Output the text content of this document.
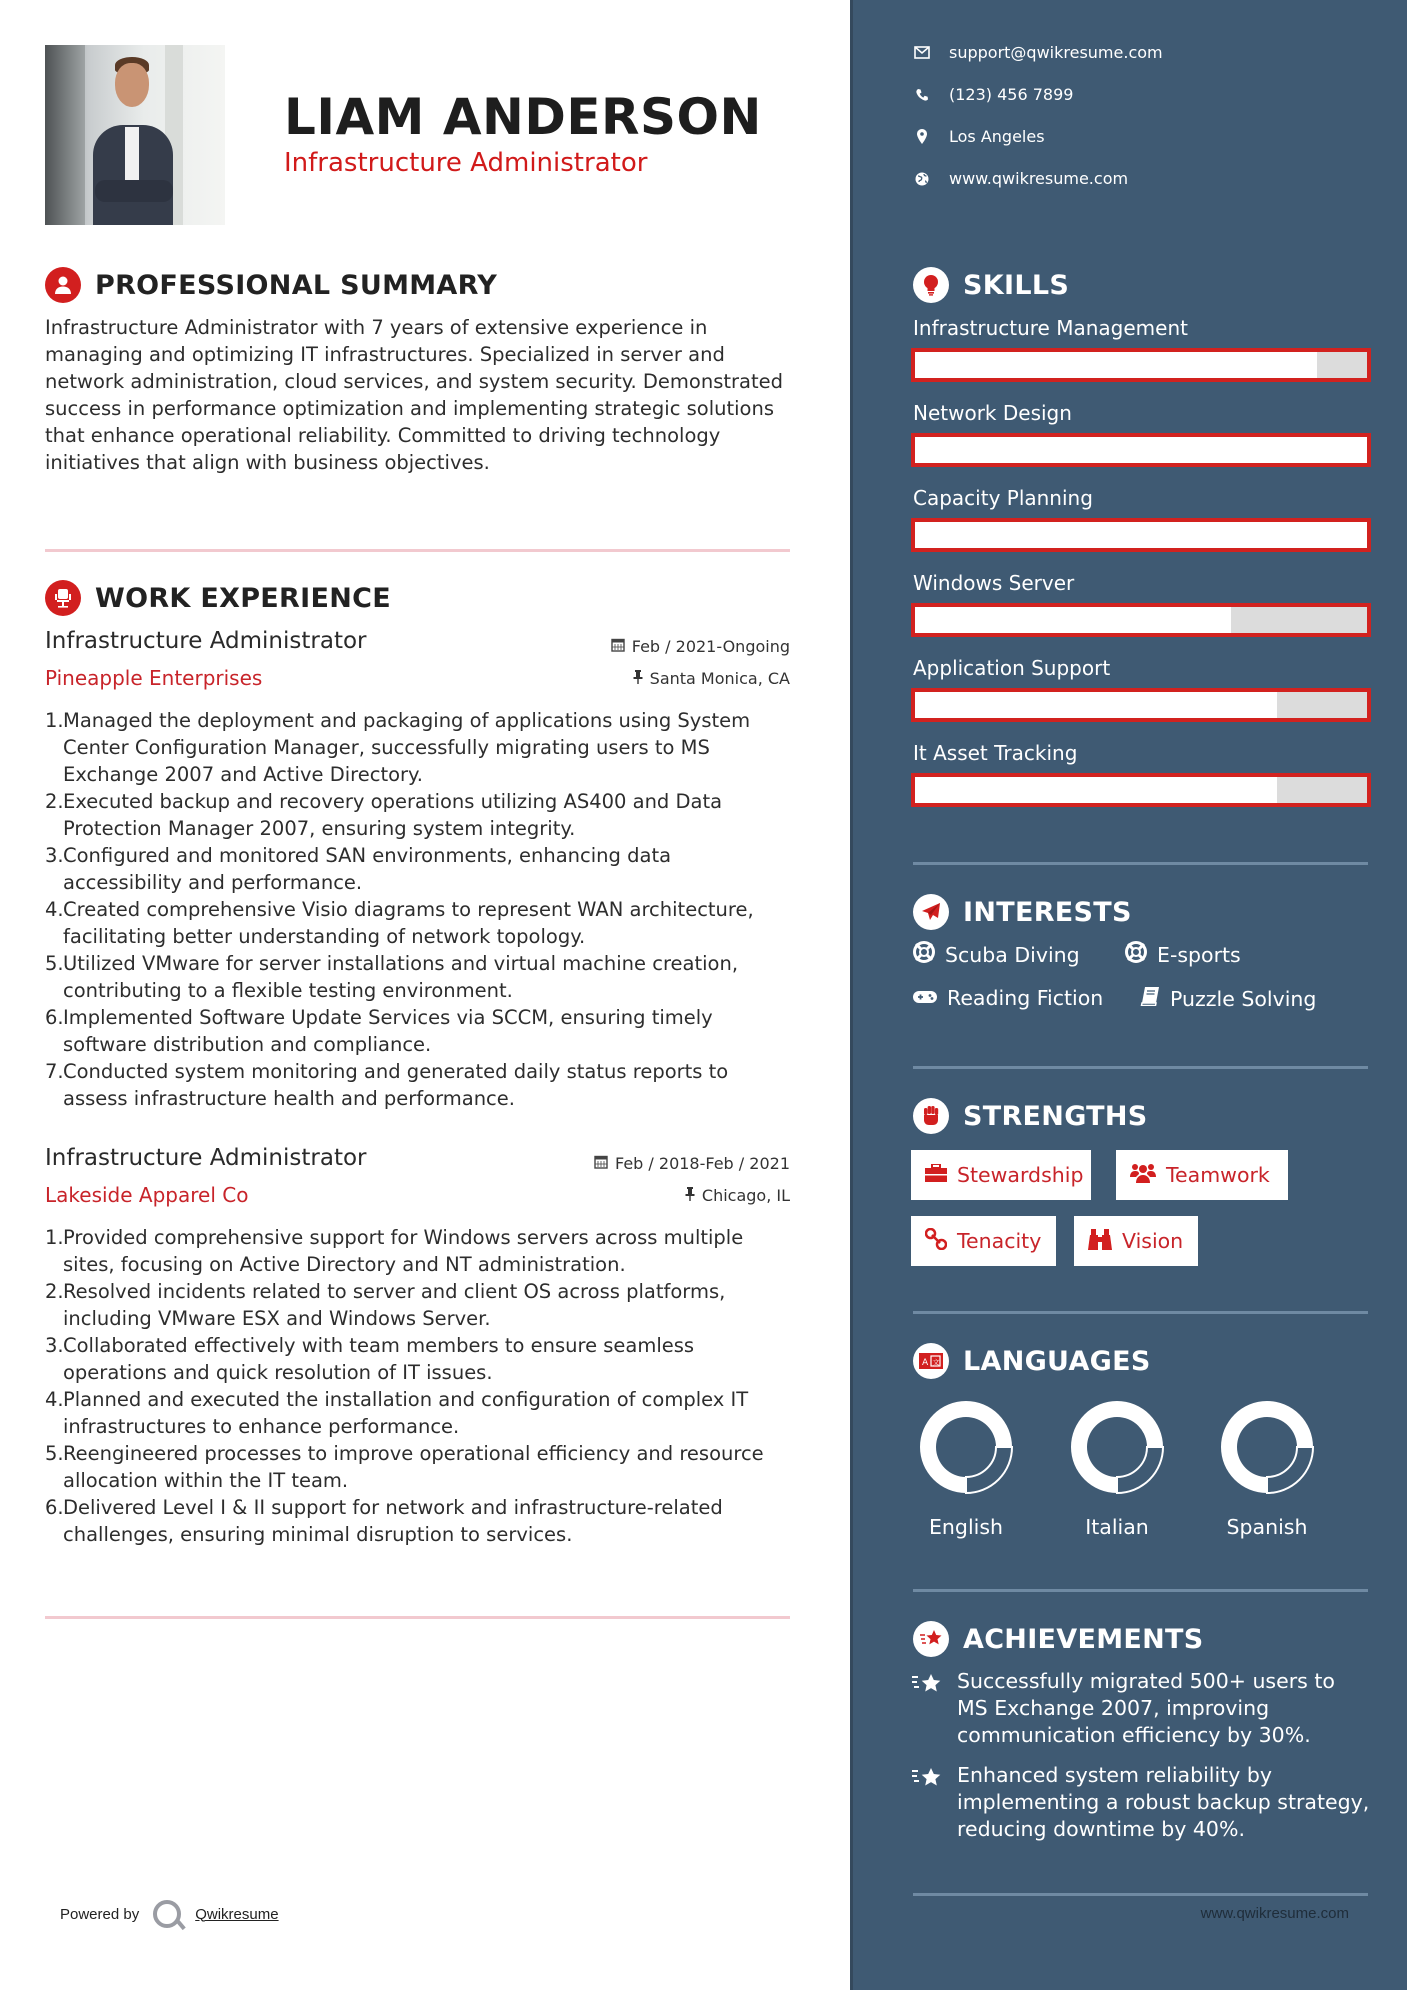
LIAM ANDERSON
Infrastructure Administrator
PROFESSIONAL SUMMARY
Infrastructure Administrator with 7 years of extensive experience in managing and optimizing IT infrastructures. Specialized in server and network administration, cloud services, and system security. Demonstrated success in performance optimization and implementing strategic solutions that enhance operational reliability. Committed to driving technology initiatives that align with business objectives.
WORK EXPERIENCE
Infrastructure Administrator
Pineapple Enterprises
Feb / 2021-Ongoing
Santa Monica, CA
1. Managed the deployment and packaging of applications using System Center Configuration Manager, successfully migrating users to MS Exchange 2007 and Active Directory.
2. Executed backup and recovery operations utilizing AS400 and Data Protection Manager 2007, ensuring system integrity.
3. Configured and monitored SAN environments, enhancing data accessibility and performance.
4. Created comprehensive Visio diagrams to represent WAN architecture, facilitating better understanding of network topology.
5. Utilized VMware for server installations and virtual machine creation, contributing to a flexible testing environment.
6. Implemented Software Update Services via SCCM, ensuring timely software distribution and compliance.
7. Conducted system monitoring and generated daily status reports to assess infrastructure health and performance.
Infrastructure Administrator
Lakeside Apparel Co
Feb / 2018-Feb / 2021
Chicago, IL
1. Provided comprehensive support for Windows servers across multiple sites, focusing on Active Directory and NT administration.
2. Resolved incidents related to server and client OS across platforms, including VMware ESX and Windows Server.
3. Collaborated effectively with team members to ensure seamless operations and quick resolution of IT issues.
4. Planned and executed the installation and configuration of complex IT infrastructures to enhance performance.
5. Reengineered processes to improve operational efficiency and resource allocation within the IT team.
6. Delivered Level I & II support for network and infrastructure-related challenges, ensuring minimal disruption to services.
Powered by	Qwikresume
support@qwikresume.com
(123) 456 7899
Los Angeles
www.qwikresume.com
SKILLS
Infrastructure Management
Network Design
Capacity Planning
Windows Server
Application Support
It Asset Tracking
INTERESTS
Scuba Diving	E-sports
Reading Fiction	Puzzle Solving
STRENGTHS
Stewardship	Teamwork
Tenacity	Vision
A 文 LANGUAGES
English	Italian	Spanish
ACHIEVEMENTS
Successfully migrated 500+ users to MS Exchange 2007, improving communication efficiency by 30%.
Enhanced system reliability by implementing a robust backup strategy, reducing downtime by 40%.
www.qwikresume.com
